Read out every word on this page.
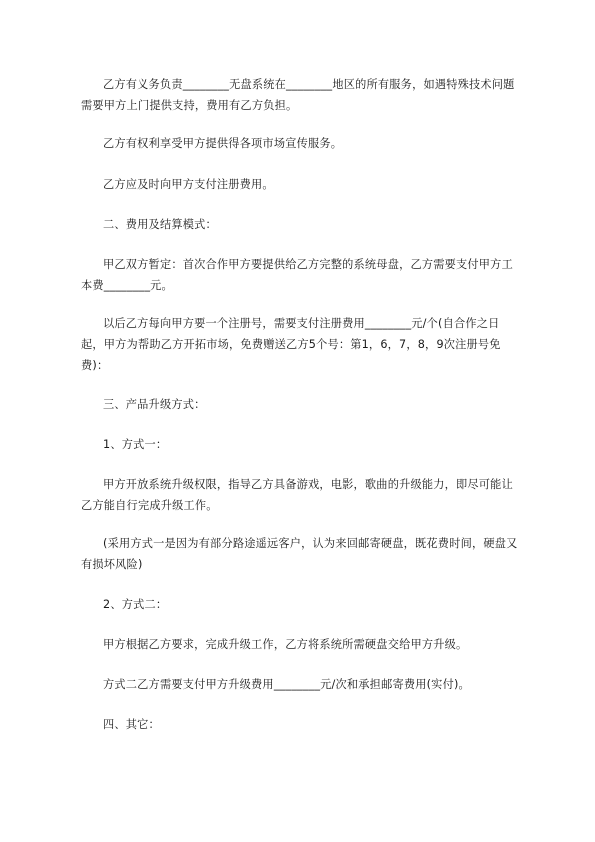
乙方有义务负责________无盘系统在________地区的所有服务，如遇特殊技术问题需要甲方上门提供支持，费用有乙方负担。

乙方有权利享受甲方提供得各项市场宣传服务。

乙方应及时向甲方支付注册费用。

二、费用及结算模式：

甲乙双方暂定：首次合作甲方要提供给乙方完整的系统母盘，乙方需要支付甲方工本费________元。

以后乙方每向甲方要一个注册号，需要支付注册费用________元/个(自合作之日起，甲方为帮助乙方开拓市场，免费赠送乙方5个号：第1，6，7，8，9次注册号免费)：

三、产品升级方式：

1、方式一：

甲方开放系统升级权限，指导乙方具备游戏，电影，歌曲的升级能力，即尽可能让乙方能自行完成升级工作。

(采用方式一是因为有部分路途遥远客户，认为来回邮寄硬盘，既花费时间，硬盘又有损坏风险)

2、方式二：

甲方根据乙方要求，完成升级工作，乙方将系统所需硬盘交给甲方升级。

方式二乙方需要支付甲方升级费用________元/次和承担邮寄费用(实付)。

四、其它：
